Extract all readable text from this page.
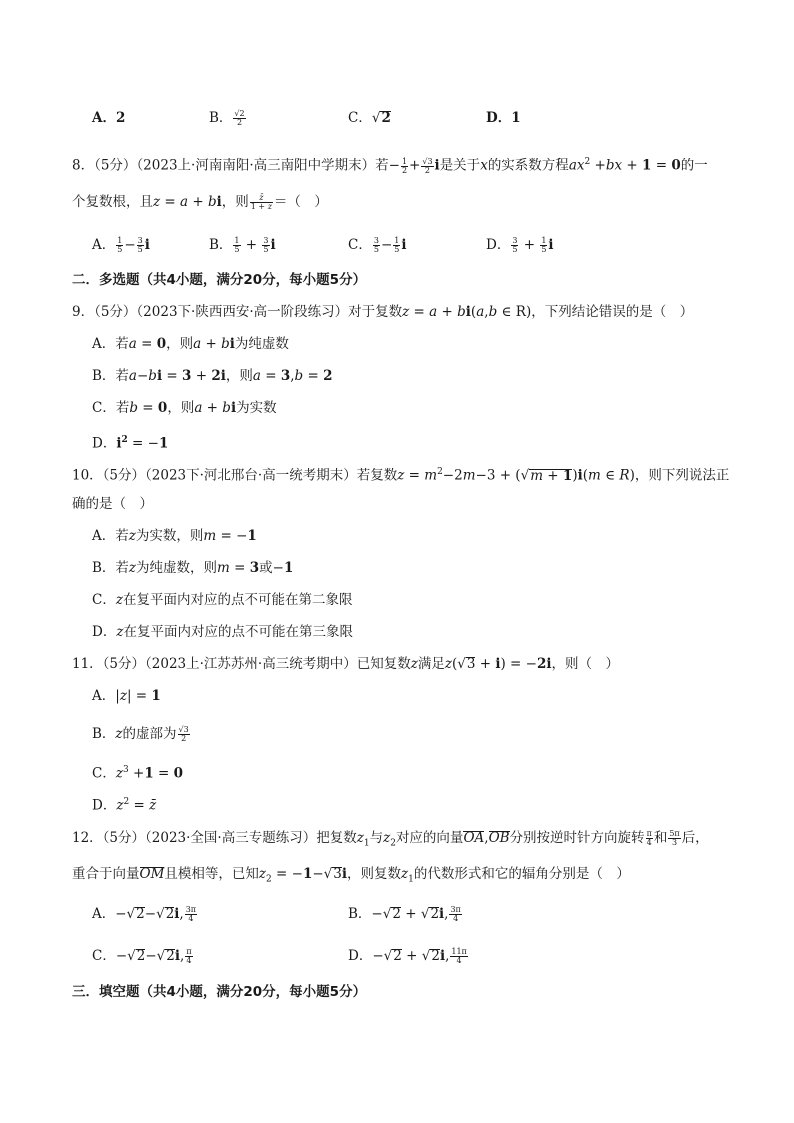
A．2	B． $\frac{√2}{2}$	C．√2	D．1
8．（5分）（2023上·河南南阳·高三南阳中学期末）若− $\frac{1}{2} + \frac{√3}{2}$ i是关于x的实系数方程$ax^2 +bx + 1 = 0$的一
个复数根，且z = a + bi，则 $\frac{z̄}{1 + z}$ ＝（　）
A． $\frac{1}{5} - \frac{3}{5}$ i	B． $\frac{1}{5} + \frac{3}{5}$ i	C． $\frac{3}{5} - \frac{1}{5}$ i	D． $\frac{3}{5} + \frac{1}{5}$ i
二．多选题（共4小题，满分20分，每小题5分）
9．（5分）（2023下·陕西西安·高一阶段练习）对于复数z = a + bi(a,b ∈ R)，下列结论错误的是（　）
A．若a = 0，则a + bi为纯虚数
B．若a−bi = 3 + 2i，则a = 3,b = 2
C．若b = 0，则a + bi为实数
D．$i^2 = -1$
10．（5分）（2023下·河北邢台·高一统考期末）若复数$z = m^2-2m-3 + (√m + 1)i(m$ ∈ R)，则下列说法正
确的是（　）
A．若z为实数，则m = −1
B．若z为纯虚数，则m = 3或−1
C．z在复平面内对应的点不可能在第二象限
D．z在复平面内对应的点不可能在第三象限
11．（5分）（2023上·江苏苏州·高三统考期中）已知复数z满足z(√3 + i) = −2i，则（　）
A．|z| = 1
B．z的虚部为 $\frac{√3}{2}$
C．$z^3 +1 = 0$
D．$z^2$ = z̄
12．（5分）（2023·全国·高三专题练习）把复数$z_1$与$z_2$对应的向量OA,OB分别按逆时针方向旋转 $\frac{\pi}{4}$ 和 $\frac{5\pi}{3}$ 后，
重合于向量OM且模相等，已知$z_2 = -1-√3i$，则复数$z_1$的代数形式和它的辐角分别是（　）
A．−√2−√2i, $\frac{3\pi}{4}$	B．−√2 + √2i, $\frac{3\pi}{4}$
C．−√2−√2i, $\frac{\pi}{4}$	D．−√2 + √2i, $\frac{11\pi}{4}$
三．填空题（共4小题，满分20分，每小题5分）
